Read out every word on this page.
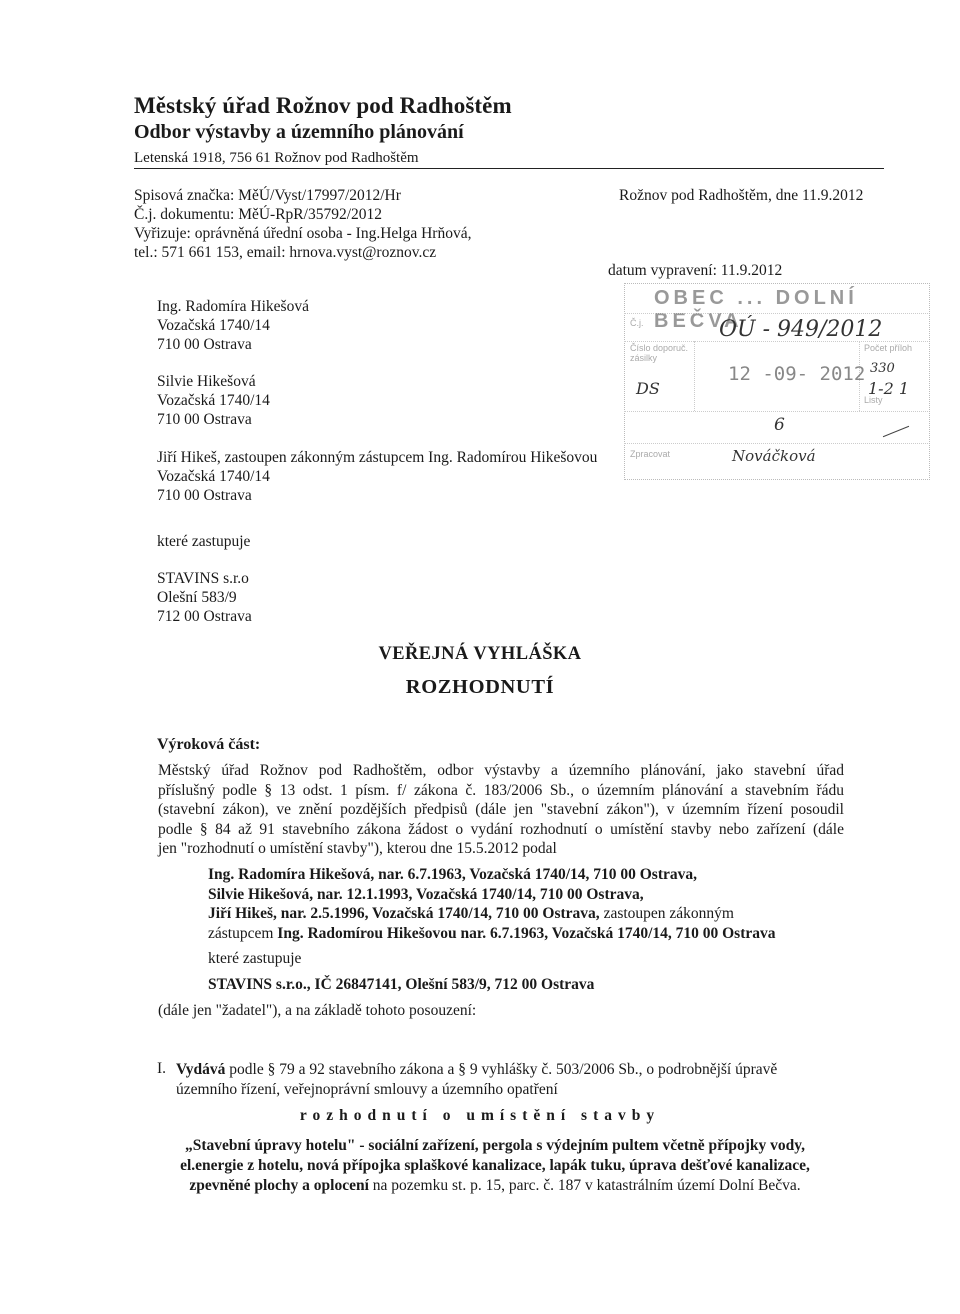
Městský úřad Rožnov pod Radhoštěm
Odbor výstavby a územního plánování
Letenská 1918, 756 61 Rožnov pod Radhoštěm
Spisová značka: MěÚ/Vyst/17997/2012/Hr
Č.j. dokumentu: MěÚ-RpR/35792/2012
Vyřizuje: oprávněná úřední osoba - Ing.Helga Hrňová,
tel.: 571 661 153, email: hrnova.vyst@roznov.cz
Rožnov pod Radhoštěm, dne 11.9.2012
datum vypravení: 11.9.2012
OBEC ... DOLNÍ BEČVA
Č.j.
Číslo doporuč. zásilky
Počet příloh
Listy
Zpracovat
OÚ - 949/2012
DS
12 -09- 2012 330
1-2 1
6
Nováčková
Ing. Radomíra Hikešová
Vozačská 1740/14
710 00 Ostrava
Silvie Hikešová
Vozačská 1740/14
710 00 Ostrava
Jiří Hikeš, zastoupen zákonným zástupcem Ing. Radomírou Hikešovou
Vozačská 1740/14
710 00 Ostrava
které zastupuje
STAVINS s.r.o
Olešní 583/9
712 00 Ostrava
VEŘEJNÁ VYHLÁŠKA
ROZHODNUTÍ
Výroková část:

Městský úřad Rožnov pod Radhoštěm, odbor výstavby a územního plánování, jako stavební úřad

příslušný podle § 13 odst. 1 písm. f/ zákona č. 183/2006 Sb., o územním plánování a stavebním řádu

(stavební zákon), ve znění pozdějších předpisů (dále jen "stavební zákon"), v územním řízení posoudil

podle § 84 až 91 stavebního zákona žádost o vydání rozhodnutí o umístění stavby nebo zařízení (dále

jen "rozhodnutí o umístění stavby"), kterou dne 15.5.2012 podal

Ing. Radomíra Hikešová, nar. 6.7.1963, Vozačská 1740/14, 710 00 Ostrava,

Silvie Hikešová, nar. 12.1.1993, Vozačská 1740/14, 710 00 Ostrava,

Jiří Hikeš, nar. 2.5.1996, Vozačská 1740/14, 710 00 Ostrava, zastoupen zákonným

zástupcem Ing. Radomírou Hikešovou nar. 6.7.1963, Vozačská 1740/14, 710 00 Ostrava

které zastupuje

STAVINS s.r.o., IČ 26847141, Olešní 583/9, 712 00 Ostrava

(dále jen "žadatel"), a na základě tohoto posouzení:
I. Vydává podle § 79 a 92 stavebního zákona a § 9 vyhlášky č. 503/2006 Sb., o podrobnější úpravě

územního řízení, veřejnoprávní smlouvy a územního opatření

rozhodnutí o umístění stavby

„Stavební úpravy hotelu" - sociální zařízení, pergola s výdejním pultem včetně přípojky vody,

el.energie z hotelu, nová přípojka splaškové kanalizace, lapák tuku, úprava dešťové kanalizace,

zpevněné plochy a oplocení na pozemku st. p. 15, parc. č. 187 v katastrálním území Dolní Bečva.
